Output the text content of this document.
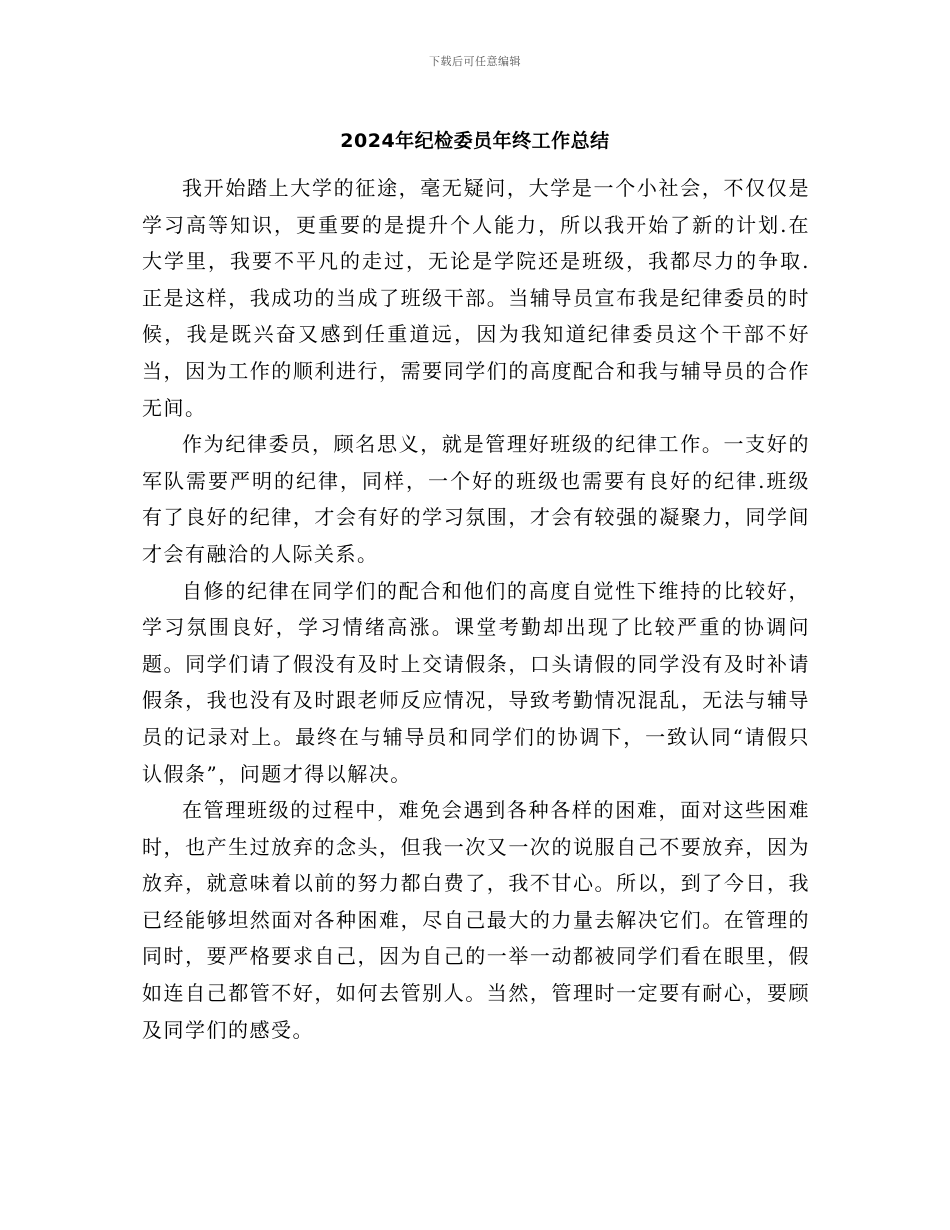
下载后可任意编辑
2024年纪检委员年终工作总结

我开始踏上大学的征途，毫无疑问，大学是一个小社会，不仅仅是学习高等知识，更重要的是提升个人能力，所以我开始了新的计划.在大学里，我要不平凡的走过，无论是学院还是班级，我都尽力的争取.正是这样，我成功的当成了班级干部。当辅导员宣布我是纪律委员的时候，我是既兴奋又感到任重道远，因为我知道纪律委员这个干部不好当，因为工作的顺利进行，需要同学们的高度配合和我与辅导员的合作无间。

作为纪律委员，顾名思义，就是管理好班级的纪律工作。一支好的军队需要严明的纪律，同样，一个好的班级也需要有良好的纪律.班级有了良好的纪律，才会有好的学习氛围，才会有较强的凝聚力，同学间才会有融洽的人际关系。

自修的纪律在同学们的配合和他们的高度自觉性下维持的比较好，学习氛围良好，学习情绪高涨。课堂考勤却出现了比较严重的协调问题。同学们请了假没有及时上交请假条，口头请假的同学没有及时补请假条，我也没有及时跟老师反应情况，导致考勤情况混乱，无法与辅导员的记录对上。最终在与辅导员和同学们的协调下，一致认同“请假只认假条”，问题才得以解决。

在管理班级的过程中，难免会遇到各种各样的困难，面对这些困难时，也产生过放弃的念头，但我一次又一次的说服自己不要放弃，因为放弃，就意味着以前的努力都白费了，我不甘心。所以，到了今日，我已经能够坦然面对各种困难，尽自己最大的力量去解决它们。在管理的同时，要严格要求自己，因为自己的一举一动都被同学们看在眼里，假如连自己都管不好，如何去管别人。当然，管理时一定要有耐心，要顾及同学们的感受。
